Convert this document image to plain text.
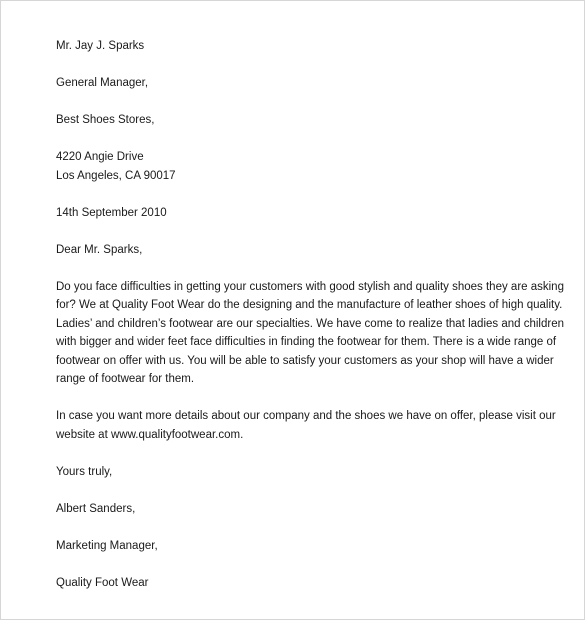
Mr. Jay J. Sparks
General Manager,
Best Shoes Stores,
4220 Angie Drive
Los Angeles, CA 90017
14th September 2010
Dear Mr. Sparks,
Do you face difficulties in getting your customers with good stylish and quality shoes they are asking
for? We at Quality Foot Wear do the designing and the manufacture of leather shoes of high quality.
Ladies’ and children’s footwear are our specialties. We have come to realize that ladies and children
with bigger and wider feet face difficulties in finding the footwear for them. There is a wide range of
footwear on offer with us. You will be able to satisfy your customers as your shop will have a wider
range of footwear for them.
In case you want more details about our company and the shoes we have on offer, please visit our
website at www.qualityfootwear.com.
Yours truly,
Albert Sanders,
Marketing Manager,
Quality Foot Wear
